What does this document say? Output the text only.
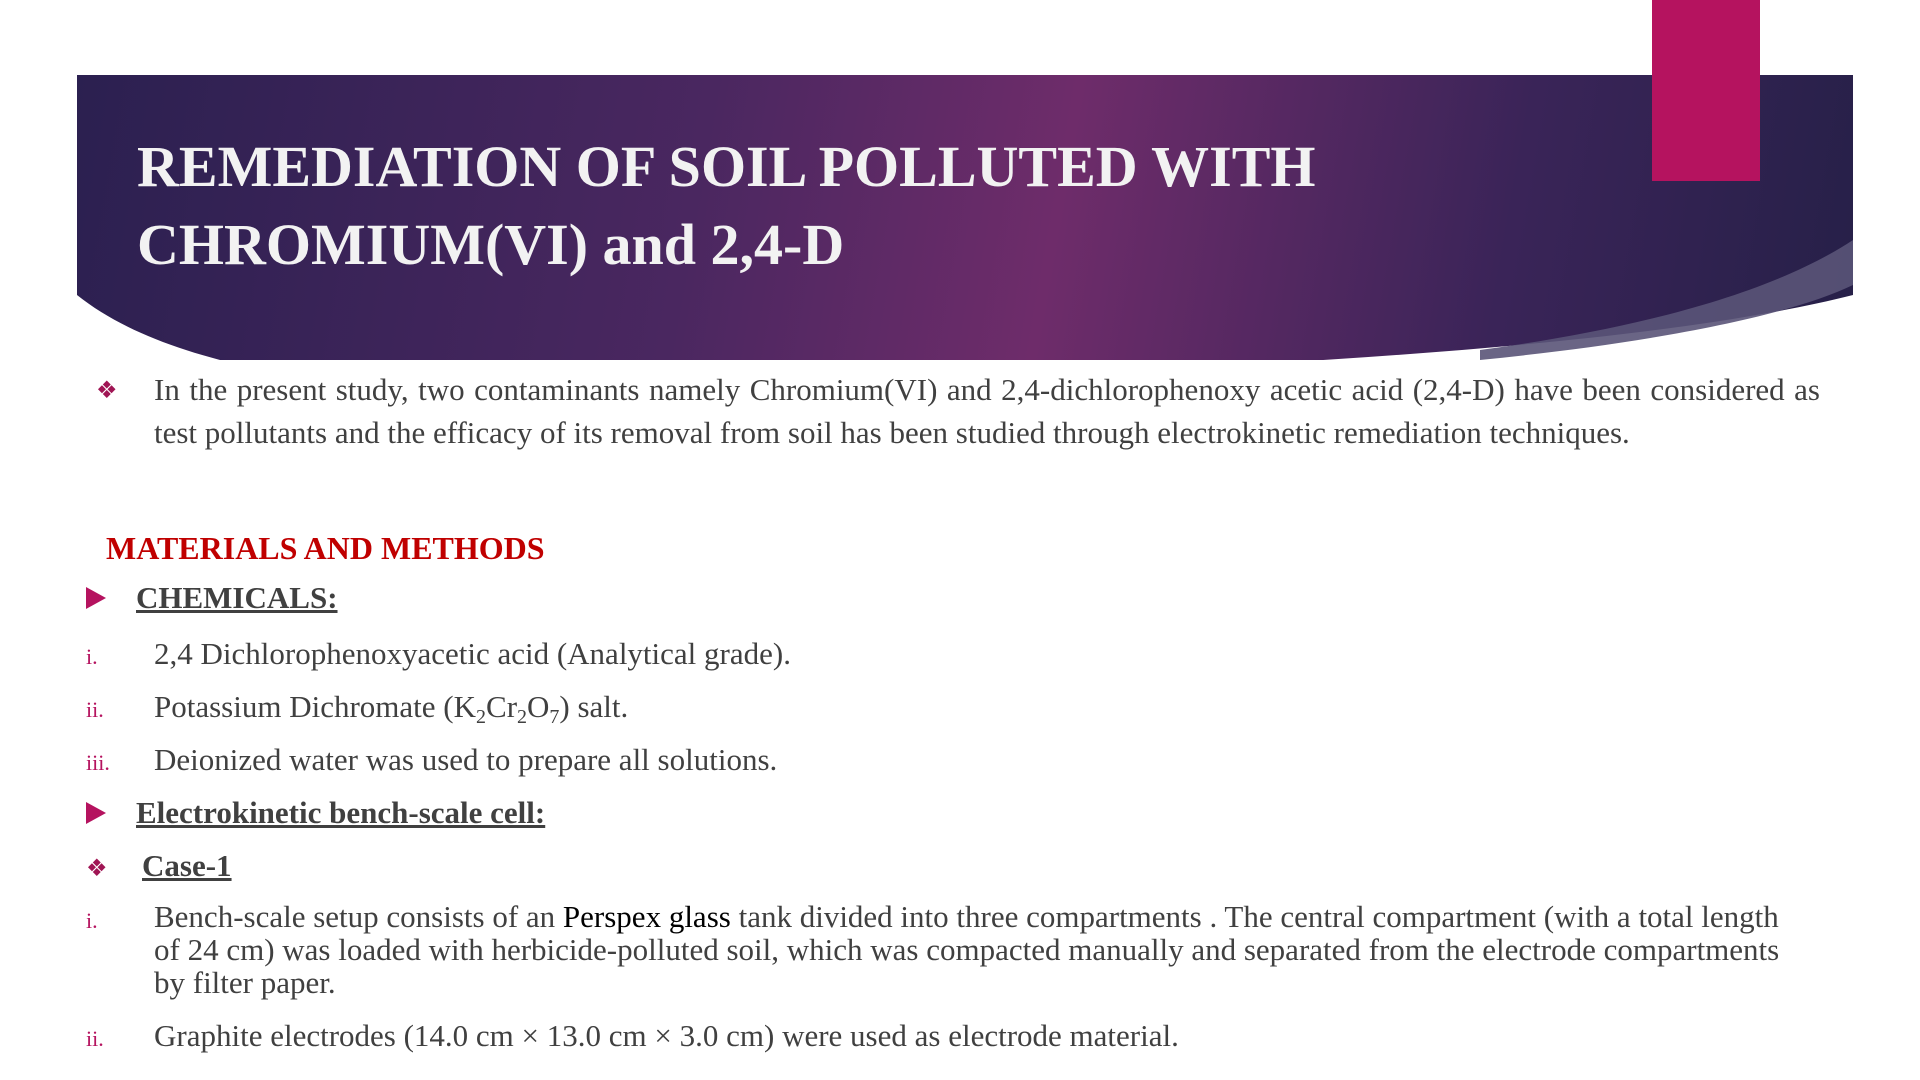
REMEDIATION OF SOIL POLLUTED WITH
CHROMIUM(VI) and 2,4-D
❖	In the present study, two contaminants namely Chromium(VI) and 2,4-dichlorophenoxy acetic acid (2,4-D) have been considered as test pollutants and the efficacy of its removal from soil has been studied through electrokinetic remediation techniques.
MATERIALS AND METHODS
CHEMICALS:
i.	2,4 Dichlorophenoxyacetic acid (Analytical grade).
ii.	Potassium Dichromate $(K_2Cr_2O_7)$ salt.
iii.	Deionized water was used to prepare all solutions.
Electrokinetic bench-scale cell:
❖	Case-1
i.	Bench-scale setup consists of an Perspex glass tank divided into three compartments . The central compartment (with a total length of 24 cm) was loaded with herbicide-polluted soil, which was compacted manually and separated from the electrode compartments by filter paper.
ii.	Graphite electrodes (14.0 cm × 13.0 cm × 3.0 cm) were used as electrode material.
